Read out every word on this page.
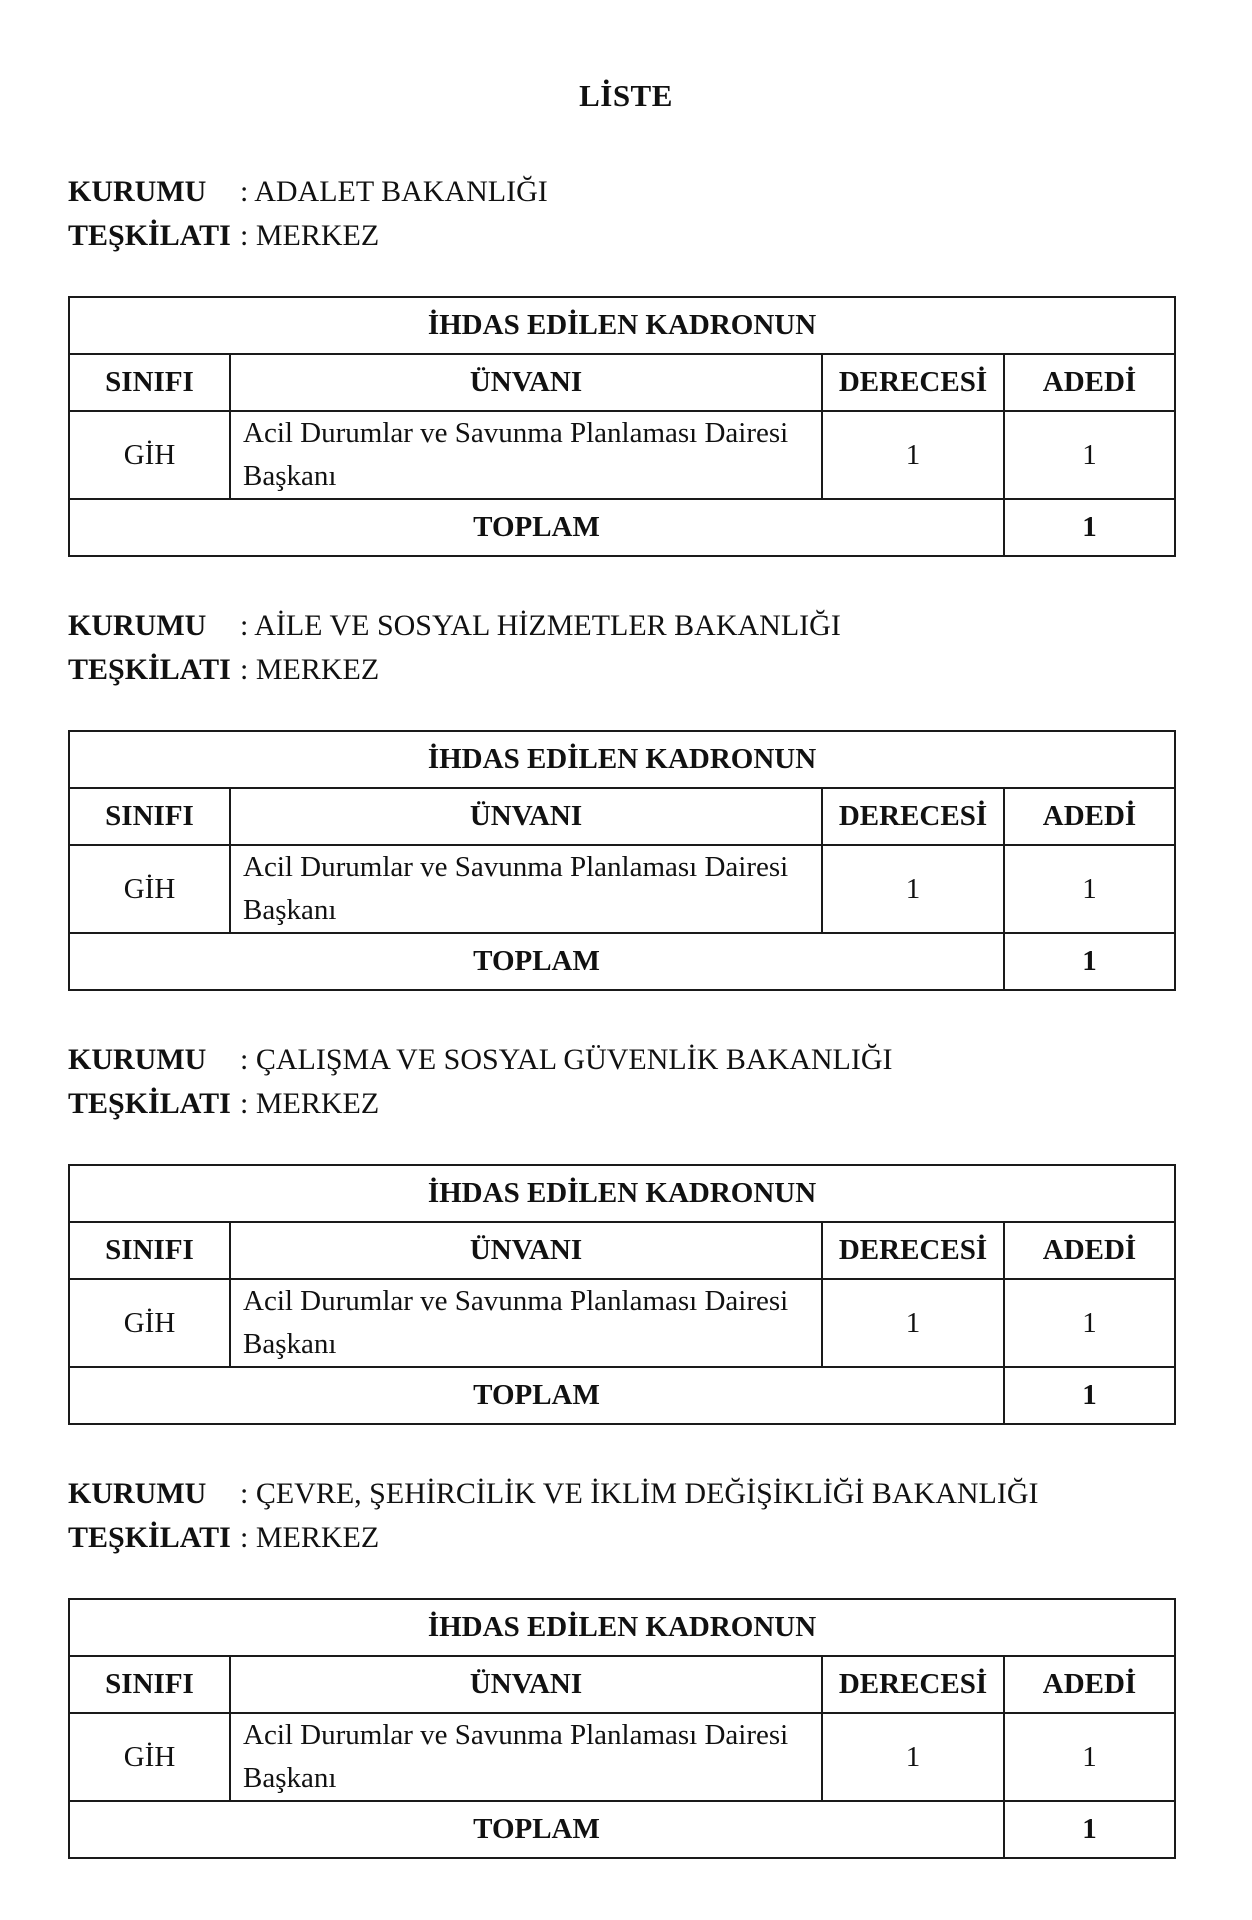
LİSTE
KURUMU : ADALET BAKANLIĞI
TEŞKİLATI : MERKEZ
İHDAS EDİLEN KADRONUN			
SINIFI	ÜNVANI	DERECESİ	ADEDİ
GİH	Acil Durumlar ve Savunma Planlaması Dairesi Başkanı	1	1
TOPLAM			1
KURUMU : AİLE VE SOSYAL HİZMETLER BAKANLIĞI
TEŞKİLATI : MERKEZ
İHDAS EDİLEN KADRONUN			
SINIFI	ÜNVANI	DERECESİ	ADEDİ
GİH	Acil Durumlar ve Savunma Planlaması Dairesi Başkanı	1	1
TOPLAM			1
KURUMU : ÇALIŞMA VE SOSYAL GÜVENLİK BAKANLIĞI
TEŞKİLATI : MERKEZ
İHDAS EDİLEN KADRONUN			
SINIFI	ÜNVANI	DERECESİ	ADEDİ
GİH	Acil Durumlar ve Savunma Planlaması Dairesi Başkanı	1	1
TOPLAM			1
KURUMU : ÇEVRE, ŞEHİRCİLİK VE İKLİM DEĞİŞİKLİĞİ BAKANLIĞI
TEŞKİLATI : MERKEZ
İHDAS EDİLEN KADRONUN			
SINIFI	ÜNVANI	DERECESİ	ADEDİ
GİH	Acil Durumlar ve Savunma Planlaması Dairesi Başkanı	1	1
TOPLAM			1
